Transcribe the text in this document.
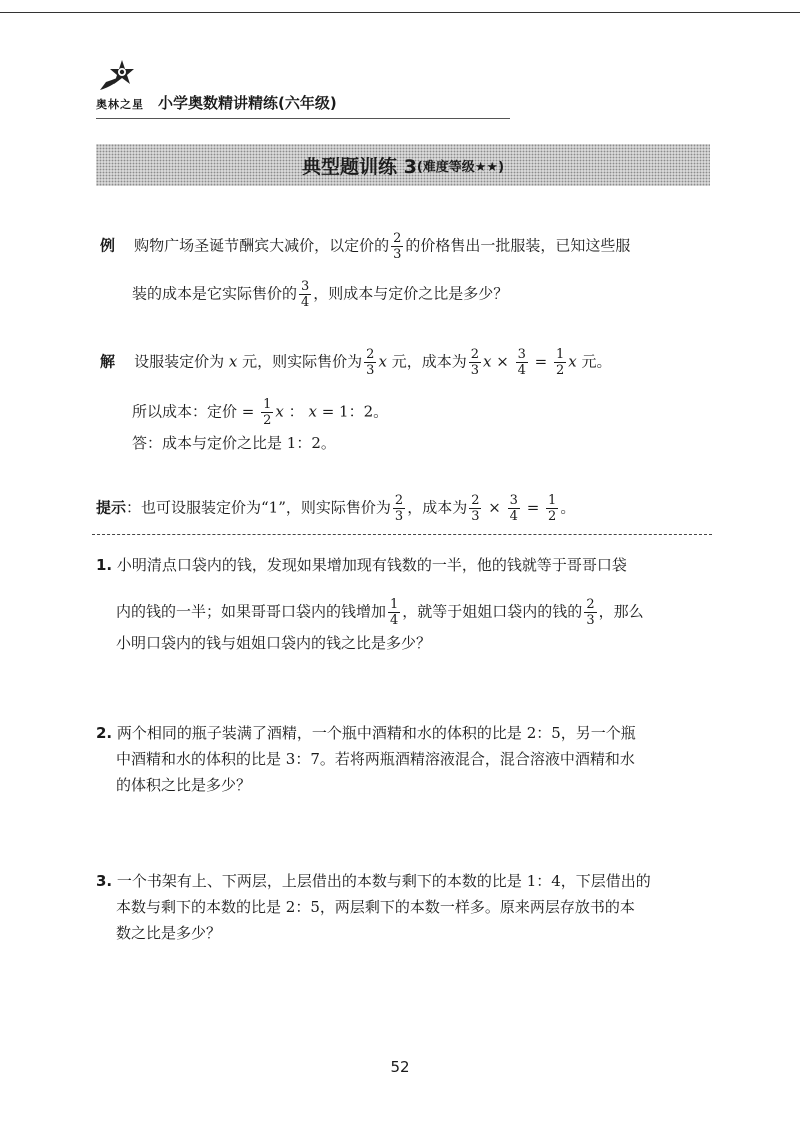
奥林之星 小学奥数精讲精练(六年级)
典型题训练 3 (难度等级★★)
例 购物广场圣诞节酬宾大减价，以定价的 $\frac{2}{3}$ 的价格售出一批服装，已知这些服
装的成本是它实际售价的 $\frac{3}{4}$ ，则成本与定价之比是多少？
解 设服装定价为 x 元，则实际售价为 $\frac{2}{3}$ x 元，成本为 $\frac{2}{3}$ $x \times \frac{3}{4} = \frac{1}{2}$ x 元。
所以成本：定价 = $\frac{1}{2}$ x ： x = 1：2。
答：成本与定价之比是 1：2。
提示：也可设服装定价为“1”，则实际售价为 $\frac{2}{3}$ ，成本为 $\frac{2}{3} \times \frac{3}{4} = \frac{1}{2}$ 。
1. 小明清点口袋内的钱，发现如果增加现有钱数的一半，他的钱就等于哥哥口袋
内的钱的一半；如果哥哥口袋内的钱增加 $\frac{1}{4}$ ，就等于姐姐口袋内的钱的 $\frac{2}{3}$ ，那么
小明口袋内的钱与姐姐口袋内的钱之比是多少？
2. 两个相同的瓶子装满了酒精，一个瓶中酒精和水的体积的比是 2：5，另一个瓶
中酒精和水的体积的比是 3：7。若将两瓶酒精溶液混合，混合溶液中酒精和水
的体积之比是多少？
3. 一个书架有上、下两层，上层借出的本数与剩下的本数的比是 1：4，下层借出的
本数与剩下的本数的比是 2：5，两层剩下的本数一样多。原来两层存放书的本
数之比是多少？
52
